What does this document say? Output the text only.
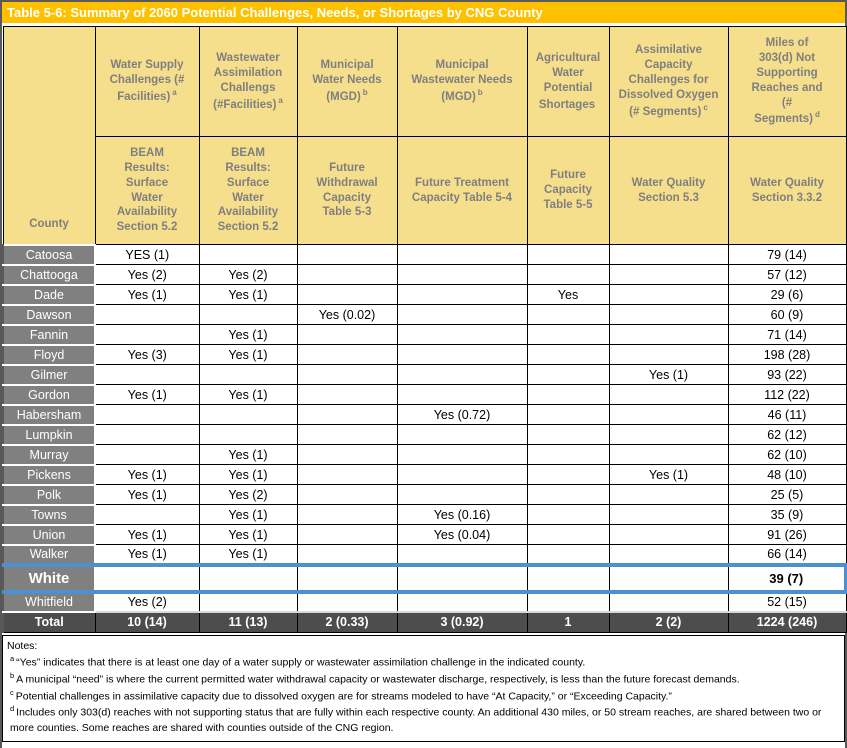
Table 5-6: Summary of 2060 Potential Challenges, Needs, or Shortages by CNG County
County	Water Supply Challenges (# Facilities) $^a$	Wastewater Assimilation Challengs (#Facilities) $^a$	Municipal Water Needs (MGD) $^b$	Municipal Wastewater Needs (MGD) $^b$	Agricultural Water Potential Shortages	Assimilative Capacity Challenges for Dissolved Oxygen (# Segments) $^c$	Miles of 303(d) Not Supporting Reaches and (# Segments) $^d$
	BEAM Results: Surface Water Availability Section 5.2	BEAM Results: Surface Water Availability Section 5.2	Future Withdrawal Capacity Table 5-3	Future Treatment Capacity Table 5-4	Future Capacity Table 5-5	Water Quality Section 5.3	Water Quality Section 3.3.2
Catoosa	YES (1)						79 (14)
Chattooga	Yes (2)	Yes (2)					57 (12)
Dade	Yes (1)	Yes (1)			Yes		29 (6)
Dawson			Yes (0.02)				60 (9)
Fannin		Yes (1)					71 (14)
Floyd	Yes (3)	Yes (1)					198 (28)
Gilmer						Yes (1)	93 (22)
Gordon	Yes (1)	Yes (1)					112 (22)
Habersham				Yes (0.72)			46 (11)
Lumpkin							62 (12)
Murray		Yes (1)					62 (10)
Pickens	Yes (1)	Yes (1)				Yes (1)	48 (10)
Polk	Yes (1)	Yes (2)					25 (5)
Towns		Yes (1)		Yes (0.16)			35 (9)
Union	Yes (1)	Yes (1)		Yes (0.04)			91 (26)
Walker	Yes (1)	Yes (1)					66 (14)
White							39 (7)
Whitfield	Yes (2)						52 (15)
Total	10 (14)	11 (13)	2 (0.33)	3 (0.92)	1	2 (2)	1224 (246)
Notes:
$^a$ “Yes” indicates that there is at least one day of a water supply or wastewater assimilation challenge in the indicated county.
$^b$ A municipal “need” is where the current permitted water withdrawal capacity or wastewater discharge, respectively, is less than the future forecast demands.
$^c$ Potential challenges in assimilative capacity due to dissolved oxygen are for streams modeled to have “At Capacity,” or “Exceeding Capacity.”
$^d$ Includes only 303(d) reaches with not supporting status that are fully within each respective county. An additional 430 miles, or 50 stream reaches, are shared between two or more counties. Some reaches are shared with counties outside of the CNG region.
